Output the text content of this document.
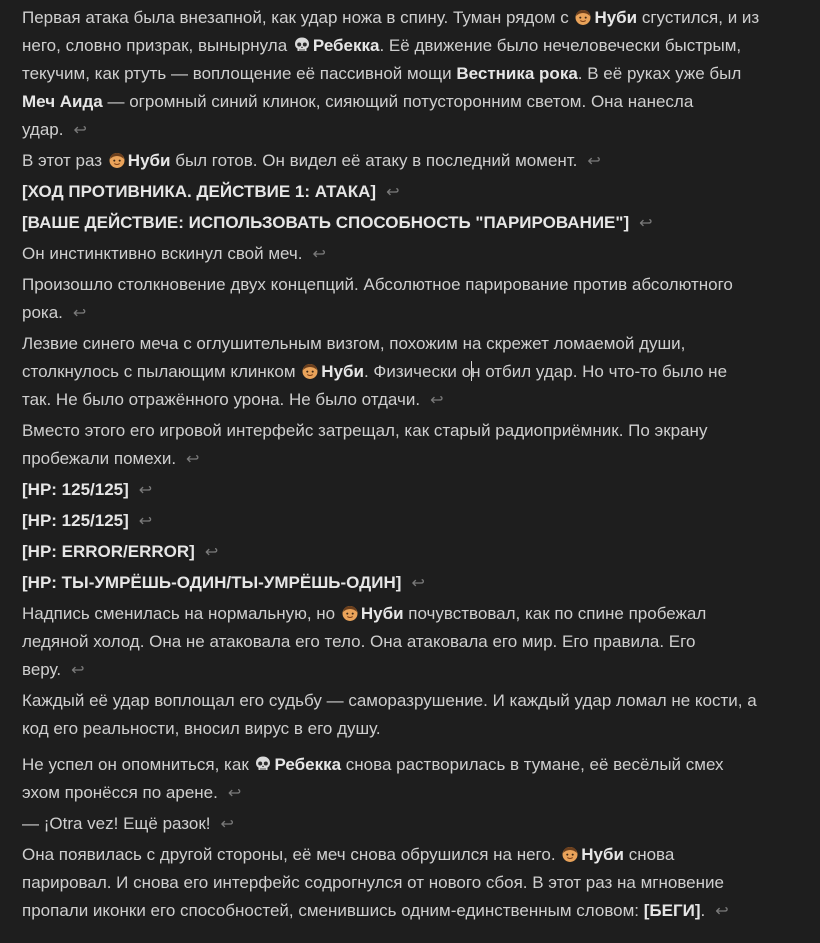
Первая атака была внезапной, как удар ножа в спину. Туман рядом с
Нуби сгустился, и из него, словно призрак, вынырнула
Ребекка. Её движение было нечеловечески быстрым, текучим, как ртуть — воплощение её пассивной мощи Вестника рока. В её руках уже был Меч Аида — огромный синий клинок, сияющий потусторонним светом. Она нанесла удар. ↩

В этот раз
Нуби был готов. Он видел её атаку в последний момент. ↩

[ХОД ПРОТИВНИКА. ДЕЙСТВИЕ 1: АТАКА] ↩

[ВАШЕ ДЕЙСТВИЕ: ИСПОЛЬЗОВАТЬ СПОСОБНОСТЬ "ПАРИРОВАНИЕ"] ↩

Он инстинктивно вскинул свой меч. ↩

Произошло столкновение двух концепций. Абсолютное парирование против абсолютного рока. ↩

Лезвие синего меча с оглушительным визгом, похожим на скрежет ломаемой души, столкнулось с пылающим клинком
Нуби. Физически он отбил удар. Но что-то было не так. Не было отражённого урона. Не было отдачи. ↩

Вместо этого его игровой интерфейс затрещал, как старый радиоприёмник. По экрану пробежали помехи. ↩

[HP: 125/125] ↩

[HP: 125/125] ↩

[HP: ERROR/ERROR] ↩

[HP: ТЫ-УМРЁШЬ-ОДИН/ТЫ-УМРЁШЬ-ОДИН] ↩

Надпись сменилась на нормальную, но
Нуби почувствовал, как по спине пробежал ледяной холод. Она не атаковала его тело. Она атаковала его мир. Его правила. Его веру. ↩

Каждый её удар воплощал его судьбу — саморазрушение. И каждый удар ломал не кости, а код его реальности, вносил вирус в его душу.

Не успел он опомниться, как
Ребекка снова растворилась в тумане, её весёлый смех эхом пронёсся по арене. ↩

— ¡Otra vez! Ещё разок! ↩

Она появилась с другой стороны, её меч снова обрушился на него.
Нуби снова парировал. И снова его интерфейс содрогнулся от нового сбоя. В этот раз на мгновение пропали иконки его способностей, сменившись одним-единственным словом: [БЕГИ]. ↩
